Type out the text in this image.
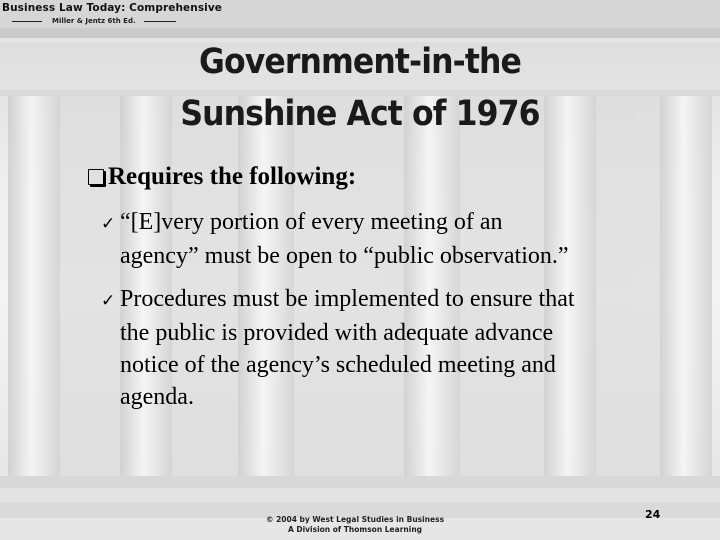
Business Law Today: Comprehensive
Miller & Jentz 6th Ed.
Government-in-the
Sunshine Act of 1976
Requires the following:
✓ “[E]very portion of every meeting of an
agency” must be open to “public observation.”
✓ Procedures must be implemented to ensure that
the public is provided with adequate advance
notice of the agency’s scheduled meeting and
agenda.
© 2004 by West Legal Studies in Business
A Division of Thomson Learning
24
